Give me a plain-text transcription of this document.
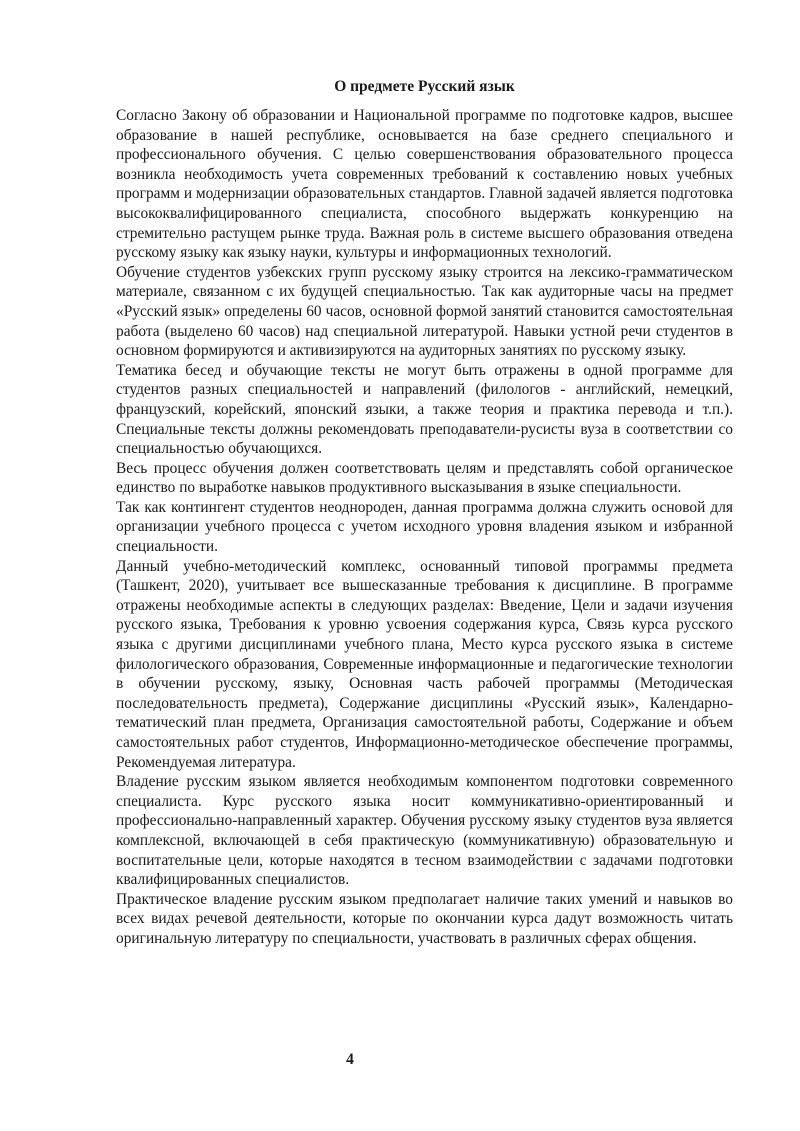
О предмете Русский язык

Согласно Закону об образовании и Национальной программе по подготовке кадров, высшее образование в нашей республике, основывается на базе среднего специального и профессионального обучения. С целью совершенствования образовательного процесса возникла необходимость учета современных требований к составлению новых учебных программ и модернизации образовательных стандартов. Главной задачей является подготовка высококвалифицированного специалиста, способного выдержать конкуренцию на стремительно растущем рынке труда. Важная роль в системе высшего образования отведена русскому языку как языку науки, культуры и информационных технологий.

Обучение студентов узбекских групп русскому языку строится на лексико-грамматическом материале, связанном с их будущей специальностью. Так как аудиторные часы на предмет «Русский язык» определены 60 часов, основной формой занятий становится самостоятельная работа (выделено 60 часов) над специальной литературой. Навыки устной речи студентов в основном формируются и активизируются на аудиторных занятиях по русскому языку.

Тематика бесед и обучающие тексты не могут быть отражены в одной программе для студентов разных специальностей и направлений (филологов - английский, немецкий, французский, корейский, японский языки, а также теория и практика перевода и т.п.). Специальные тексты должны рекомендовать преподаватели-русисты вуза в соответствии со специальностью обучающихся.

Весь процесс обучения должен соответствовать целям и представлять собой органическое единство по выработке навыков продуктивного высказывания в языке специальности.

Так как контингент студентов неоднороден, данная программа должна служить основой для организации учебного процесса с учетом исходного уровня владения языком и избранной специальности.

Данный учебно-методический комплекс, основанный типовой программы предмета (Ташкент, 2020), учитывает все вышесказанные требования к дисциплине. В программе отражены необходимые аспекты в следующих разделах: Введение, Цели и задачи изучения русского языка, Требования к уровню усвоения содержания курса, Связь курса русского языка с другими дисциплинами учебного плана, Место курса русского языка в системе филологического образования, Современные информационные и педагогические технологии в обучении русскому, языку, Основная часть рабочей программы (Методическая последовательность предмета), Содержание дисциплины «Русский язык», Календарно-тематический план предмета, Организация самостоятельной работы, Содержание и объем самостоятельных работ студентов, Информационно-методическое обеспечение программы, Рекомендуемая литература.

Владение русским языком является необходимым компонентом подготовки современного специалиста. Курс русского языка носит коммуникативно-ориентированный и профессионально-направленный характер. Обучения русскому языку студентов вуза является комплексной, включающей в себя практическую (коммуникативную) образовательную и воспитательные цели, которые находятся в тесном взаимодействии с задачами подготовки квалифицированных специалистов.

Практическое владение русским языком предполагает наличие таких умений и навыков во всех видах речевой деятельности, которые по окончании курса дадут возможность читать оригинальную литературу по специальности, участвовать в различных сферах общения.

4
